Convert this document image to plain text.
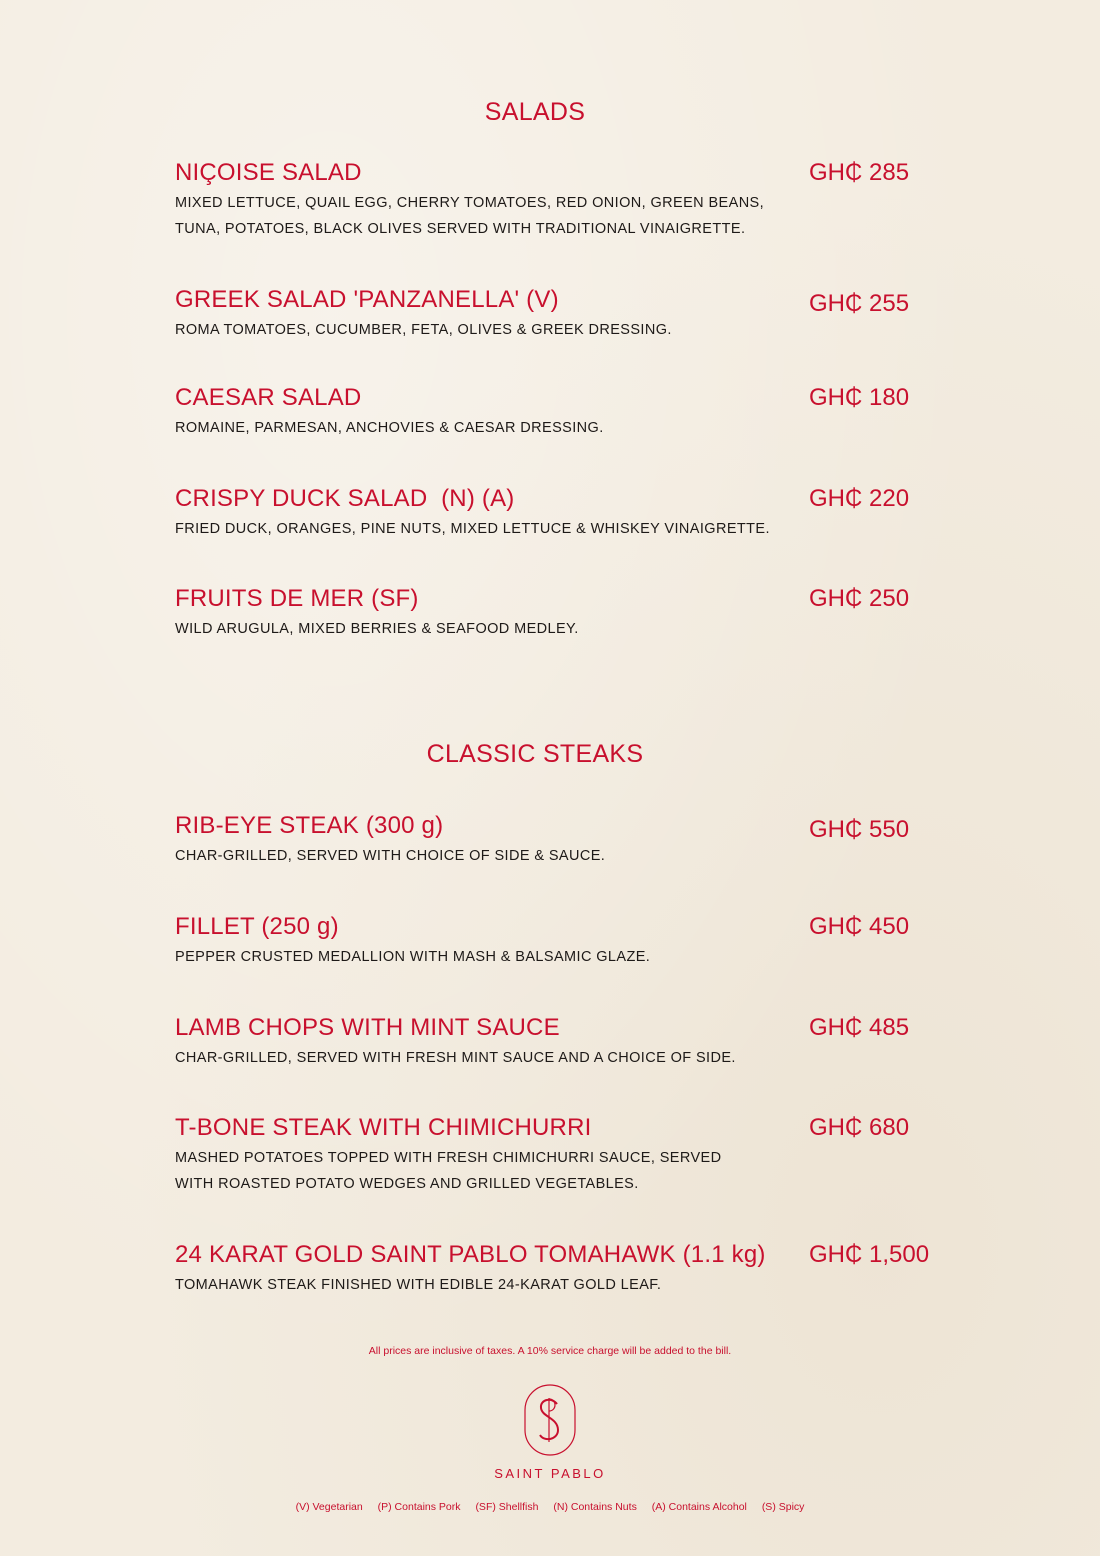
SALADS
NIÇOISE SALAD	GH₵ 285
MIXED LETTUCE, QUAIL EGG, CHERRY TOMATOES, RED ONION, GREEN BEANS, TUNA, POTATOES, BLACK OLIVES SERVED WITH TRADITIONAL VINAIGRETTE.
GREEK SALAD 'PANZANELLA' (V)	GH₵ 255
ROMA TOMATOES, CUCUMBER, FETA, OLIVES & GREEK DRESSING.
CAESAR SALAD	GH₵ 180
ROMAINE, PARMESAN, ANCHOVIES & CAESAR DRESSING.
CRISPY DUCK SALAD  (N) (A)	GH₵ 220
FRIED DUCK, ORANGES, PINE NUTS, MIXED LETTUCE & WHISKEY VINAIGRETTE.
FRUITS DE MER (SF)	GH₵ 250
WILD ARUGULA, MIXED BERRIES & SEAFOOD MEDLEY.
CLASSIC STEAKS
RIB-EYE STEAK (300 g)	GH₵ 550
CHAR-GRILLED, SERVED WITH CHOICE OF SIDE & SAUCE.
FILLET (250 g)	GH₵ 450
PEPPER CRUSTED MEDALLION WITH MASH & BALSAMIC GLAZE.
LAMB CHOPS WITH MINT SAUCE	GH₵ 485
CHAR-GRILLED, SERVED WITH FRESH MINT SAUCE AND A CHOICE OF SIDE.
T-BONE STEAK WITH CHIMICHURRI	GH₵ 680
MASHED POTATOES TOPPED WITH FRESH CHIMICHURRI SAUCE, SERVED WITH ROASTED POTATO WEDGES AND GRILLED VEGETABLES.
24 KARAT GOLD SAINT PABLO TOMAHAWK (1.1 kg)	GH₵ 1,500
TOMAHAWK STEAK FINISHED WITH EDIBLE 24-KARAT GOLD LEAF.
All prices are inclusive of taxes. A 10% service charge will be added to the bill.
SAINT PABLO
(V) Vegetarian (P) Contains Pork (SF) Shellfish (N) Contains Nuts (A) Contains Alcohol (S) Spicy
